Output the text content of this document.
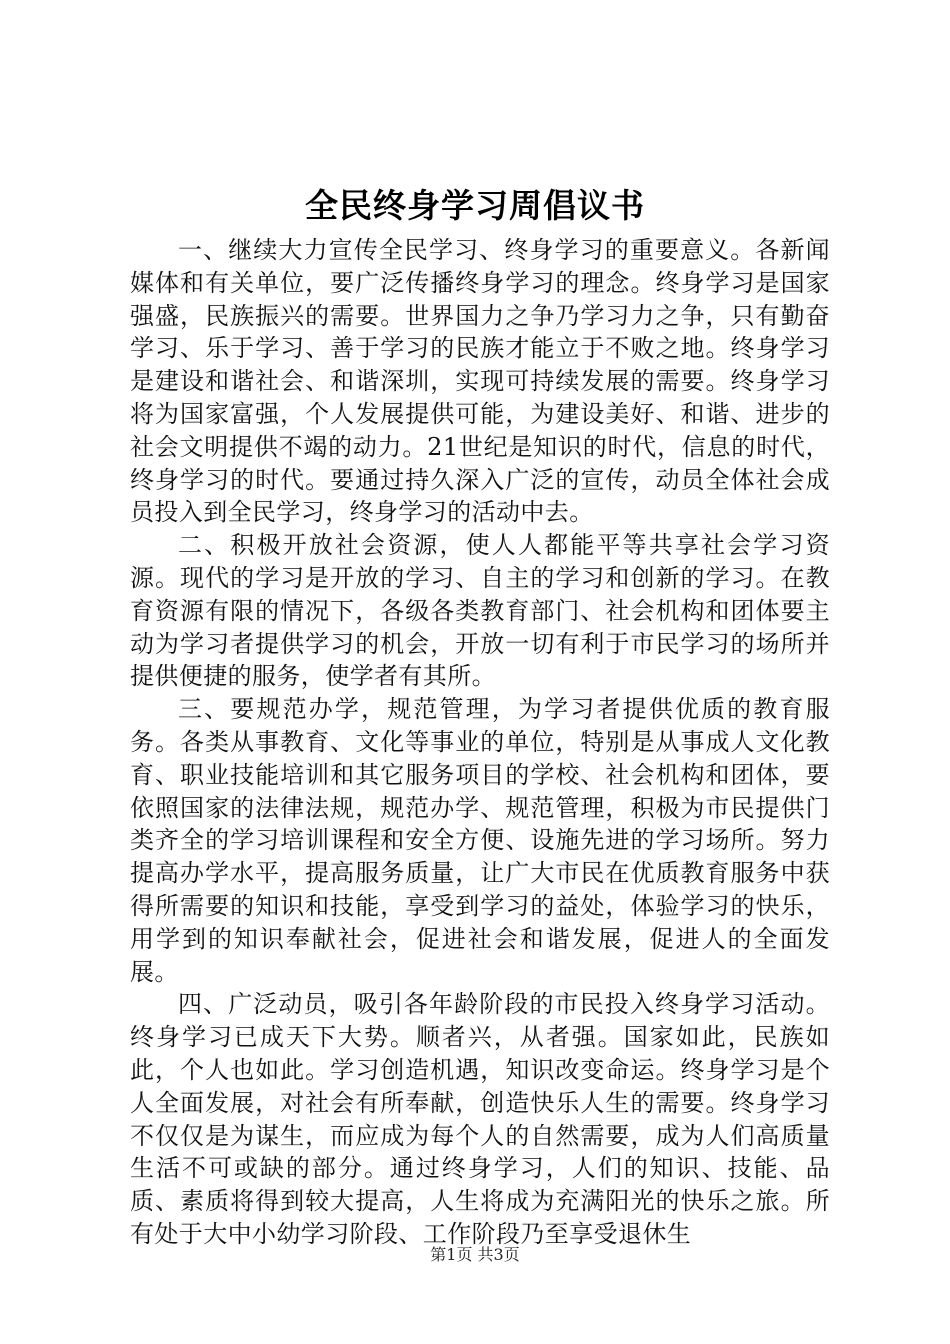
全民终身学习周倡议书

一、继续大力宣传全民学习、终身学习的重要意义。各新闻媒体和有关单位，要广泛传播终身学习的理念。终身学习是国家强盛，民族振兴的需要。世界国力之争乃学习力之争，只有勤奋学习、乐于学习、善于学习的民族才能立于不败之地。终身学习是建设和谐社会、和谐深圳，实现可持续发展的需要。终身学习将为国家富强，个人发展提供可能，为建设美好、和谐、进步的社会文明提供不竭的动力。21世纪是知识的时代，信息的时代，终身学习的时代。要通过持久深入广泛的宣传，动员全体社会成员投入到全民学习，终身学习的活动中去。

二、积极开放社会资源，使人人都能平等共享社会学习资源。现代的学习是开放的学习、自主的学习和创新的学习。在教育资源有限的情况下，各级各类教育部门、社会机构和团体要主动为学习者提供学习的机会，开放一切有利于市民学习的场所并提供便捷的服务，使学者有其所。

三、要规范办学，规范管理，为学习者提供优质的教育服务。各类从事教育、文化等事业的单位，特别是从事成人文化教育、职业技能培训和其它服务项目的学校、社会机构和团体，要依照国家的法律法规，规范办学、规范管理，积极为市民提供门类齐全的学习培训课程和安全方便、设施先进的学习场所。努力提高办学水平，提高服务质量，让广大市民在优质教育服务中获得所需要的知识和技能，享受到学习的益处，体验学习的快乐，用学到的知识奉献社会，促进社会和谐发展，促进人的全面发展。

四、广泛动员，吸引各年龄阶段的市民投入终身学习活动。终身学习已成天下大势。顺者兴，从者强。国家如此，民族如此，个人也如此。学习创造机遇，知识改变命运。终身学习是个人全面发展，对社会有所奉献，创造快乐人生的需要。终身学习不仅仅是为谋生，而应成为每个人的自然需要，成为人们高质量生活不可或缺的部分。通过终身学习，人们的知识、技能、品质、素质将得到较大提高，人生将成为充满阳光的快乐之旅。所有处于大中小幼学习阶段、工作阶段乃至享受退休生

第1页 共3页
